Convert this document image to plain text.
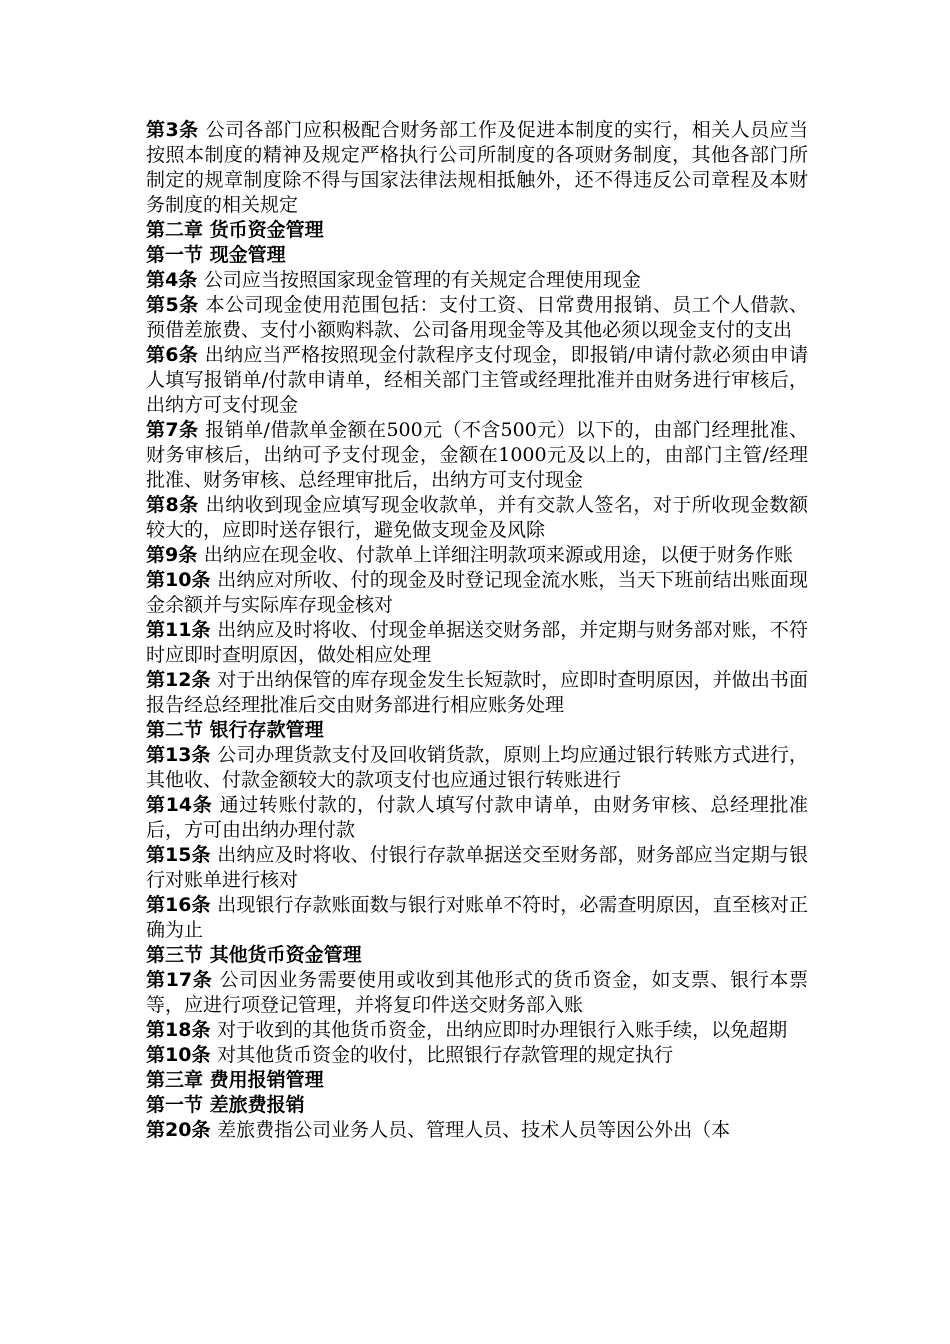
第3条 公司各部门应积极配合财务部工作及促进本制度的实行，相关人员应当按照本制度的精神及规定严格执行公司所制度的各项财务制度，其他各部门所制定的规章制度除不得与国家法律法规相抵触外，还不得违反公司章程及本财务制度的相关规定

第二章 货币资金管理

第一节 现金管理

第4条 公司应当按照国家现金管理的有关规定合理使用现金

第5条 本公司现金使用范围包括：支付工资、日常费用报销、员工个人借款、预借差旅费、支付小额购料款、公司备用现金等及其他必须以现金支付的支出

第6条 出纳应当严格按照现金付款程序支付现金，即报销/申请付款必须由申请人填写报销单/付款申请单，经相关部门主管或经理批准并由财务进行审核后，出纳方可支付现金

第7条 报销单/借款单金额在500元（不含500元）以下的，由部门经理批准、财务审核后，出纳可予支付现金，金额在1000元及以上的，由部门主管/经理批准、财务审核、总经理审批后，出纳方可支付现金

第8条 出纳收到现金应填写现金收款单，并有交款人签名，对于所收现金数额较大的，应即时送存银行，避免做支现金及风除

第9条 出纳应在现金收、付款单上详细注明款项来源或用途，以便于财务作账

第10条 出纳应对所收、付的现金及时登记现金流水账，当天下班前结出账面现金余额并与实际库存现金核对

第11条 出纳应及时将收、付现金单据送交财务部，并定期与财务部对账，不符时应即时查明原因，做处相应处理

第12条 对于出纳保管的库存现金发生长短款时，应即时查明原因，并做出书面报告经总经理批准后交由财务部进行相应账务处理

第二节 银行存款管理

第13条 公司办理货款支付及回收销货款，原则上均应通过银行转账方式进行，其他收、付款金额较大的款项支付也应通过银行转账进行

第14条 通过转账付款的，付款人填写付款申请单，由财务审核、总经理批准后，方可由出纳办理付款

第15条 出纳应及时将收、付银行存款单据送交至财务部，财务部应当定期与银行对账单进行核对

第16条 出现银行存款账面数与银行对账单不符时，必需查明原因，直至核对正确为止

第三节 其他货币资金管理

第17条 公司因业务需要使用或收到其他形式的货币资金，如支票、银行本票等，应进行项登记管理，并将复印件送交财务部入账

第18条 对于收到的其他货币资金，出纳应即时办理银行入账手续，以免超期

第10条 对其他货币资金的收付，比照银行存款管理的规定执行

第三章 费用报销管理

第一节 差旅费报销

第20条 差旅费指公司业务人员、管理人员、技术人员等因公外出（本
